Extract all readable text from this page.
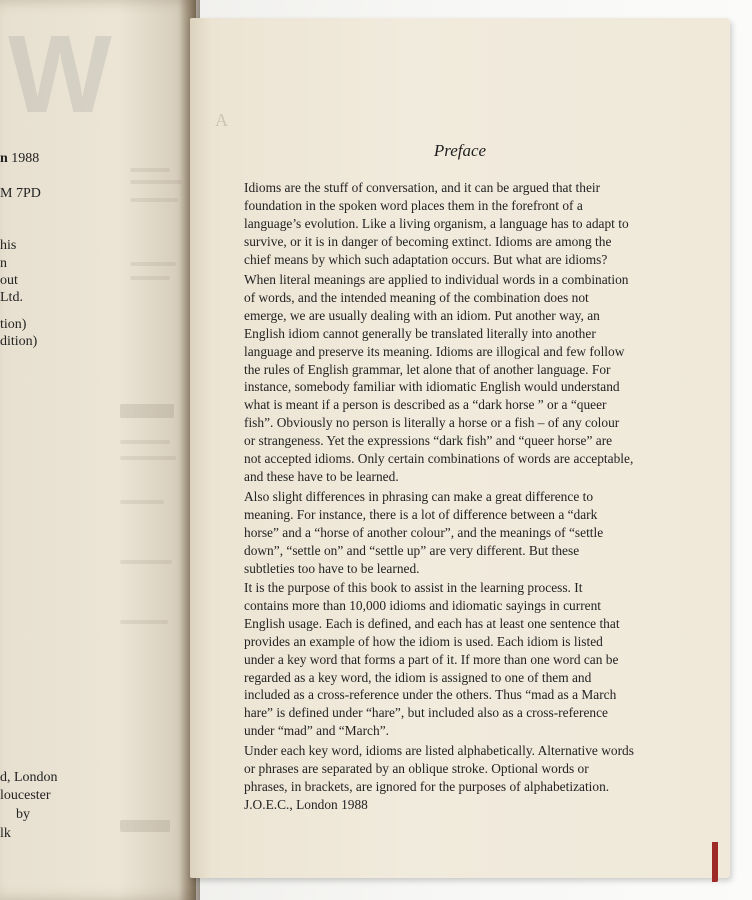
W
n 1988
M 7PD
his
n
out
Ltd.
tion)
dition)
d, London
loucester
by
lk
A
Preface
Idioms are the stuff of conversation, and it can be argued that their
foundation in the spoken word places them in the forefront of a
language’s evolution. Like a living organism, a language has to adapt to
survive, or it is in danger of becoming extinct. Idioms are among the
chief means by which such adaptation occurs. But what are idioms?
When literal meanings are applied to individual words in a combination
of words, and the intended meaning of the combination does not
emerge, we are usually dealing with an idiom. Put another way, an
English idiom cannot generally be translated literally into another
language and preserve its meaning. Idioms are illogical and few follow
the rules of English grammar, let alone that of another language. For
instance, somebody familiar with idiomatic English would understand
what is meant if a person is described as a “dark horse ” or a “queer
fish”. Obviously no person is literally a horse or a fish – of any colour
or strangeness. Yet the expressions “dark fish” and “queer horse” are
not accepted idioms. Only certain combinations of words are acceptable,
and these have to be learned.
Also slight differences in phrasing can make a great difference to
meaning. For instance, there is a lot of difference between a “dark
horse” and a “horse of another colour”, and the meanings of “settle
down”, “settle on” and “settle up” are very different. But these
subtleties too have to be learned.
It is the purpose of this book to assist in the learning process. It
contains more than 10,000 idioms and idiomatic sayings in current
English usage. Each is defined, and each has at least one sentence that
provides an example of how the idiom is used. Each idiom is listed
under a key word that forms a part of it. If more than one word can be
regarded as a key word, the idiom is assigned to one of them and
included as a cross-reference under the others. Thus “mad as a March
hare” is defined under “hare”, but included also as a cross-reference
under “mad” and “March”.
Under each key word, idioms are listed alphabetically. Alternative words
or phrases are separated by an oblique stroke. Optional words or
phrases, in brackets, are ignored for the purposes of alphabetization.
J.O.E.C., London 1988
